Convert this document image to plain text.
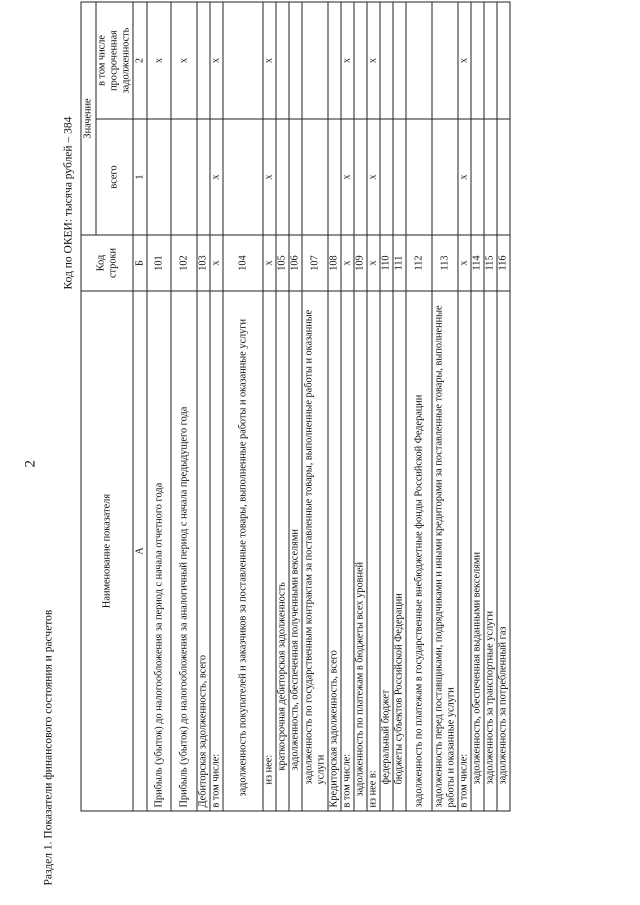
2
Раздел 1. Показатели финансового состояния и расчетов
Код по ОКЕИ: тысяча рублей – 384
Наименование показателя	Код строки	Значение	
		всего	в том числе просроченная задолженность
А	Б	1	2
Прибыль (убыток) до налогообложения за период с начала отчетного года	101		x
Прибыль (убыток) до налогообложения за аналогичный период с начала предыдущего года	102		x
Дебиторская задолженность, всего	103		
в том числе:	x	x	x
задолженность покупателей и заказчиков за поставленные товары, выполненные работы и оказанные услуги	104		
из нее:	x	x	x
краткосрочная дебиторская задолженность	105		
задолженность, обеспеченная полученными векселями	106		
задолженность по государственным контрактам за поставленные товары, выполненные работы и оказанные услуги	107		
Кредиторская задолженность, всего	108		
в том числе:	x	x	x
задолженность по платежам в бюджеты всех уровней	109		
из нее в:	x	x	x
федеральный бюджет	110		
бюджеты субъектов Российской Федерации	111		
задолженность по платежам в государственные внебюджетные фонды Российской Федерации	112		
задолженность перед поставщиками, подрядчиками и иными кредиторами за поставленные товары, выполненные работы и оказанные услуги	113		
в том числе:	x	x	x
задолженность, обеспеченная выданными векселями	114		
задолженность за транспортные услуги	115		
задолженность за потребленный газ	116		
